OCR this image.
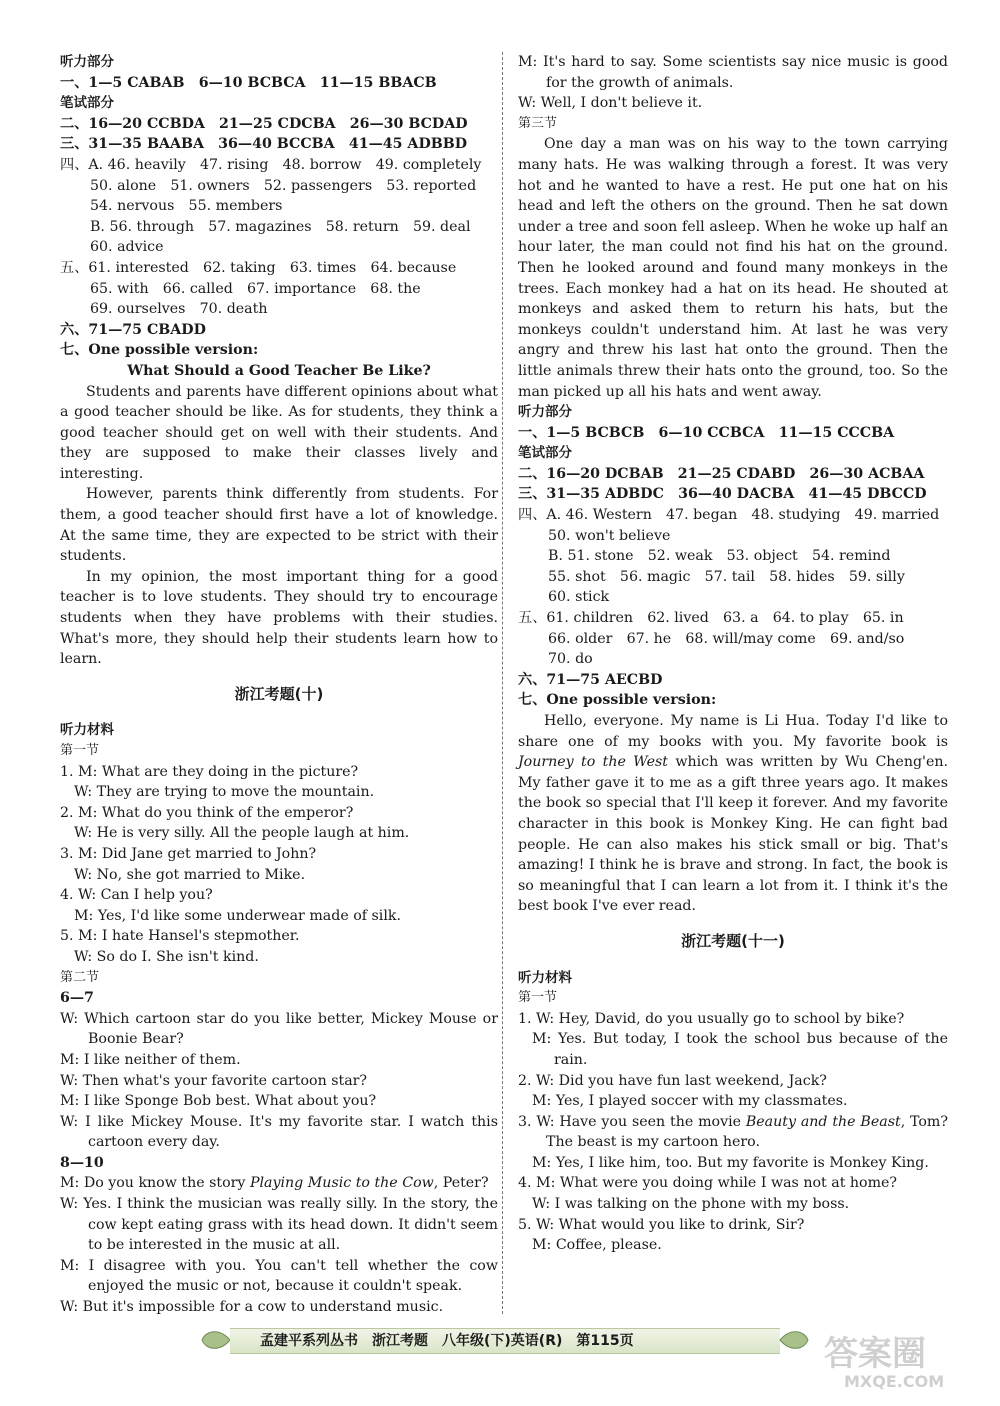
听力部分
一、1—5 CABAB　6—10 BCBCA　11—15 BBACB
笔试部分
二、16—20 CCBDA　21—25 CDCBA　26—30 BCDAD
三、31—35 BAABA　36—40 BCCBA　41—45 ADBBD
四、A. 46. heavily　47. rising　48. borrow　49. completely
50. alone　51. owners　52. passengers　53. reported
54. nervous　55. members
B. 56. through　57. magazines　58. return　59. deal
60. advice
五、61. interested　62. taking　63. times　64. because
65. with　66. called　67. importance　68. the
69. ourselves　70. death
六、71—75 CBADD
七、One possible version:
What Should a Good Teacher Be Like?
Students and parents have different opinions about what a good teacher should be like. As for students, they think a good teacher should get on well with their students. And they are supposed to make their classes lively and interesting.
However, parents think differently from students. For them, a good teacher should first have a lot of knowledge. At the same time, they are expected to be strict with their students.
In my opinion, the most important thing for a good teacher is to love students. They should try to encourage students when they have problems with their studies. What's more, they should help their students learn how to learn.
浙江考题(十)
听力材料
第一节
1. M: What are they doing in the picture?
W: They are trying to move the mountain.
2. M: What do you think of the emperor?
W: He is very silly. All the people laugh at him.
3. M: Did Jane get married to John?
W: No, she got married to Mike.
4. W: Can I help you?
M: Yes, I'd like some underwear made of silk.
5. M: I hate Hansel's stepmother.
W: So do I. She isn't kind.
第二节
6—7
W: Which cartoon star do you like better, Mickey Mouse or Boonie Bear?
M: I like neither of them.
W: Then what's your favorite cartoon star?
M: I like Sponge Bob best. What about you?
W: I like Mickey Mouse. It's my favorite star. I watch this cartoon every day.
8—10
M: Do you know the story Playing Music to the Cow, Peter?
W: Yes. I think the musician was really silly. In the story, the cow kept eating grass with its head down. It didn't seem to be interested in the music at all.
M: I disagree with you. You can't tell whether the cow enjoyed the music or not, because it couldn't speak.
W: But it's impossible for a cow to understand music.
M: It's hard to say. Some scientists say nice music is good for the growth of animals.
W: Well, I don't believe it.
第三节
One day a man was on his way to the town carrying many hats. He was walking through a forest. It was very hot and he wanted to have a rest. He put one hat on his head and left the others on the ground. Then he sat down under a tree and soon fell asleep. When he woke up half an hour later, the man could not find his hat on the ground. Then he looked around and found many monkeys in the trees. Each monkey had a hat on its head. He shouted at monkeys and asked them to return his hats, but the monkeys couldn't understand him. At last he was very angry and threw his last hat onto the ground. Then the little animals threw their hats onto the ground, too. So the man picked up all his hats and went away.
听力部分
一、1—5 BCBCB　6—10 CCBCA　11—15 CCCBA
笔试部分
二、16—20 DCBAB　21—25 CDABD　26—30 ACBAA
三、31—35 ADBDC　36—40 DACBA　41—45 DBCCD
四、A. 46. Western　47. began　48. studying　49. married
50. won't believe
B. 51. stone　52. weak　53. object　54. remind
55. shot　56. magic　57. tail　58. hides　59. silly
60. stick
五、61. children　62. lived　63. a　64. to play　65. in
66. older　67. he　68. will/may come　69. and/so
70. do
六、71—75 AECBD
七、One possible version:
Hello, everyone. My name is Li Hua. Today I'd like to share one of my books with you. My favorite book is Journey to the West which was written by Wu Cheng'en. My father gave it to me as a gift three years ago. It makes the book so special that I'll keep it forever. And my favorite character in this book is Monkey King. He can fight bad people. He can also makes his stick small or big. That's amazing! I think he is brave and strong. In fact, the book is so meaningful that I can learn a lot from it. I think it's the best book I've ever read.
浙江考题(十一)
听力材料
第一节
1. W: Hey, David, do you usually go to school by bike?
M: Yes. But today, I took the school bus because of the rain.
2. W: Did you have fun last weekend, Jack?
M: Yes, I played soccer with my classmates.
3. W: Have you seen the movie Beauty and the Beast, Tom? The beast is my cartoon hero.
M: Yes, I like him, too. But my favorite is Monkey King.
4. M: What were you doing while I was not at home?
W: I was talking on the phone with my boss.
5. W: What would you like to drink, Sir?
M: Coffee, please.
孟建平系列丛书　浙江考题　八年级(下)英语(R)　第115页	答案圈
MXQE.COM
